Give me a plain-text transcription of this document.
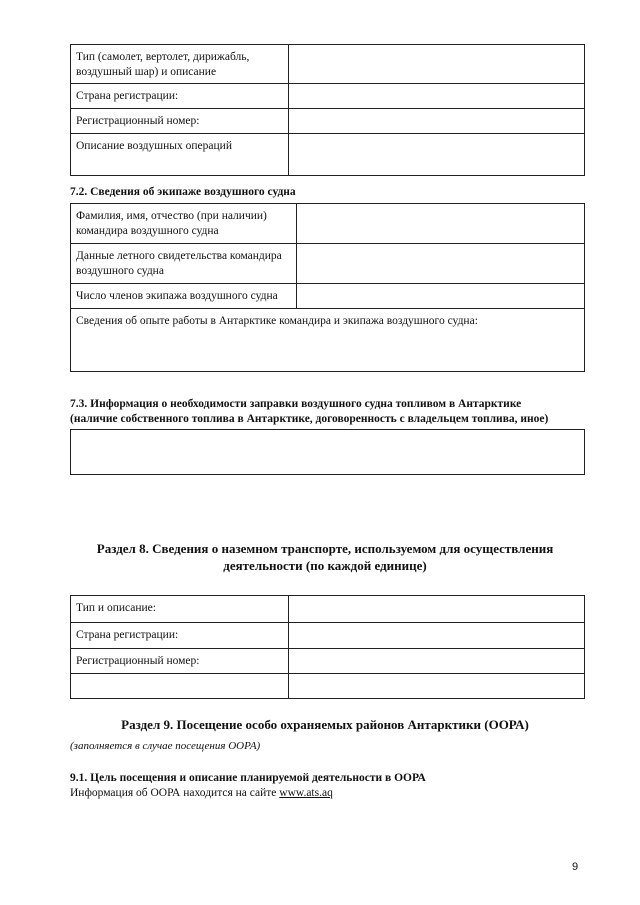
Тип (самолет, вертолет, дирижабль, воздушный шар) и описание	
Страна регистрации:	
Регистрационный номер:	
Описание воздушных операций	
7.2. Сведения об экипаже воздушного судна
Фамилия, имя, отчество (при наличии) командира воздушного судна	
Данные летного свидетельства командира воздушного судна	
Число членов экипажа воздушного судна	
Сведения об опыте работы в Антарктике командира и экипажа воздушного судна:	
7.3. Информация о необходимости заправки воздушного судна топливом в Антарктике
(наличие собственного топлива в Антарктике, договоренность с владельцем топлива, иное)
Раздел 8. Сведения о наземном транспорте, используемом для осуществления
деятельности (по каждой единице)
Тип и описание:	
Страна регистрации:	
Регистрационный номер:	

Раздел 9. Посещение особо охраняемых районов Антарктики (ООРА)
(заполняется в случае посещения ООРА)
9.1. Цель посещения и описание планируемой деятельности в ООРА
Информация об ООРА находится на сайте www.ats.aq
9
